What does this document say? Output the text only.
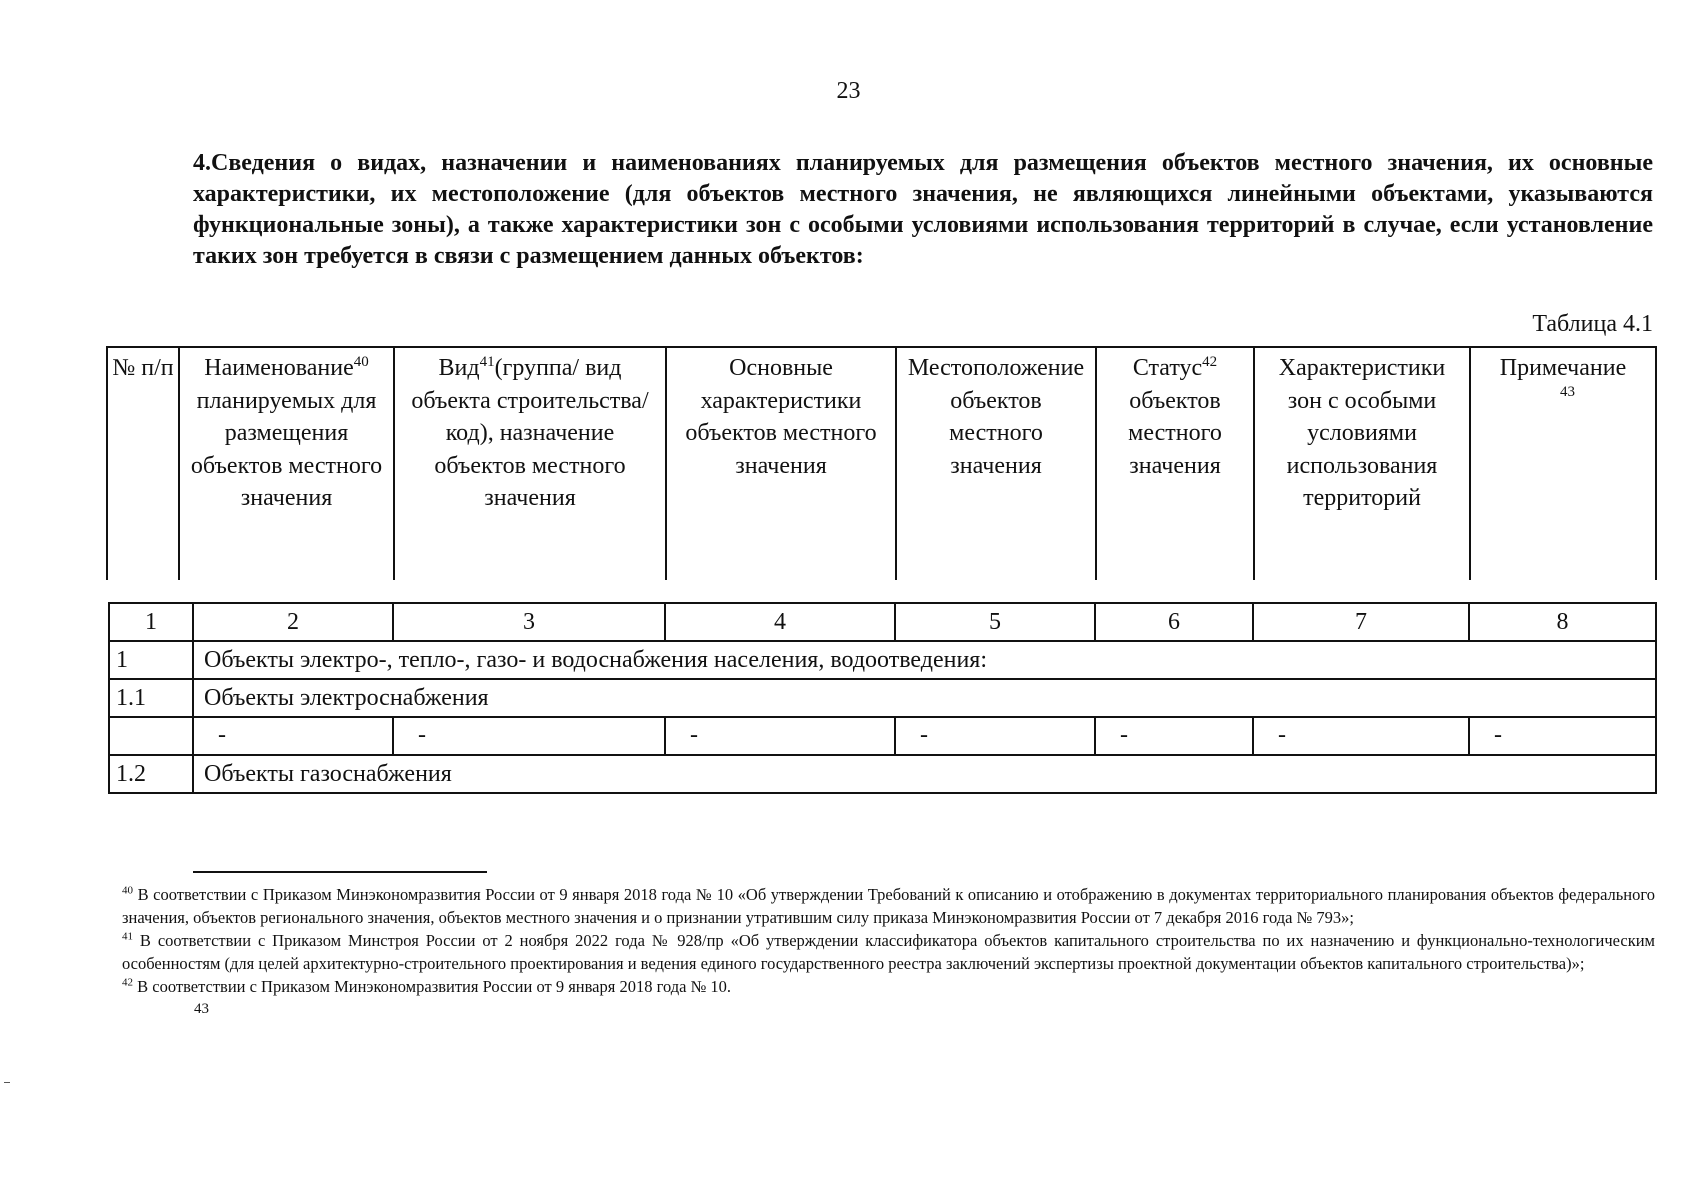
23
4.Сведения о видах, назначении и наименованиях планируемых для размещения объектов местного значения, их основные характеристики, их местоположение (для объектов местного значения, не являющихся линейными объектами, указываются функциональные зоны), а также характеристики зон с особыми условиями использования территорий в случае, если установление таких зон требуется в связи с размещением данных объектов:
Таблица 4.1
№ п/п	Наименование$^{40}$ планируемых для размещения объектов местного значения	Вид$^{41}$(группа/ вид объекта строительства/ код), назначение объектов местного значения	Основные характеристики объектов местного значения	Местоположение объектов местного значения	Статус$^{42}$ объектов местного значения	Характеристики зон с особыми условиями использования территорий	Примечание
43
1	2	3	4	5	6	7	8
1	Объекты электро-, тепло-, газо- и водоснабжения населения, водоотведения:						
1.1	Объекты электроснабжения						
	-	-	-	-	-	-	-
1.2	Объекты газоснабжения						

$^{40}$ В соответствии с Приказом Минэкономразвития России от 9 января 2018 года № 10 «Об утверждении Требований к описанию и отображению в документах территориального планирования объектов федерального значения, объектов регионального значения, объектов местного значения и о признании утратившим силу приказа Минэкономразвития России от 7 декабря 2016 года № 793»;

$^{41}$ В соответствии с Приказом Минстроя России от 2 ноября 2022 года № 928/пр «Об утверждении классификатора объектов капитального строительства по их назначению и функционально-технологическим особенностям (для целей архитектурно-строительного проектирования и ведения единого государственного реестра заключений экспертизы проектной документации объектов капитального строительства)»;

$^{42}$ В соответствии с Приказом Минэкономразвития России от 9 января 2018 года № 10.

43
